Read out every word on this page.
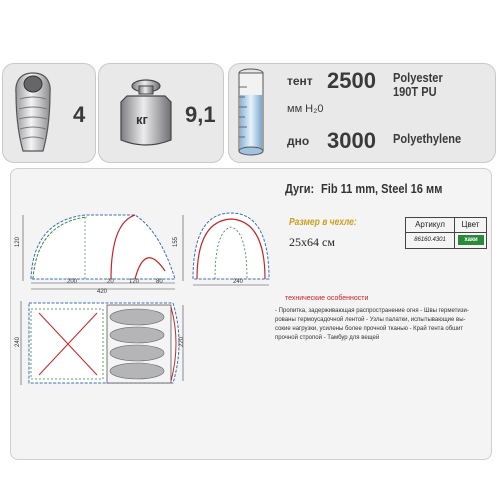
4	кг 9,1
тент 2500 Polyester
190T PU
мм H₂0
дно 3000 Polyethylene
Дуги: Fib 11 mm, Steel 16 мм
Размер в чехле:
25x64 см
Артикул	Цвет
86160.4301	хаки
технические особенности
- Пропитка, задерживающая распространение огня - Швы герметизи-
рованы термоусадочной лентой - Узлы палатки, испытывающие вы-
сокие нагрузки, усилены более прочной тканью - Край тента обшит
прочной стропой - Тамбур для вещей
120	155
240
200	20	120	80
420
240	220
